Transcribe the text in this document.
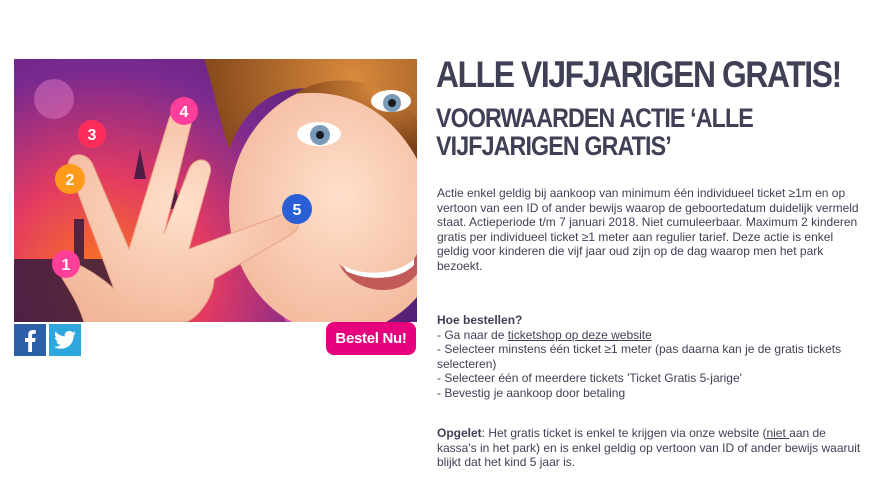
1
2
3
4
5
Bestel Nu!
ALLE VIJFJARIGEN GRATIS!
VOORWAARDEN ACTIE ‘ALLE VIJFJARIGEN GRATIS’
Actie enkel geldig bij aankoop van minimum één individueel ticket ≥1m en op vertoon van een ID of ander bewijs waarop de geboortedatum duidelijk vermeld staat. Actieperiode t/m 7 januari 2018. Niet cumuleerbaar. Maximum 2 kinderen gratis per individueel ticket ≥1 meter aan regulier tarief. Deze actie is enkel geldig voor kinderen die vijf jaar oud zijn op de dag waarop men het park bezoekt.
Hoe bestellen?
- Ga naar de ticketshop op deze website
- Selecteer minstens één ticket ≥1 meter (pas daarna kan je de gratis tickets selecteren)
- Selecteer één of meerdere tickets 'Ticket Gratis 5-jarige'
- Bevestig je aankoop door betaling
Opgelet: Het gratis ticket is enkel te krijgen via onze website (niet aan de kassa's in het park) en is enkel geldig op vertoon van ID of ander bewijs waaruit blijkt dat het kind 5 jaar is.
